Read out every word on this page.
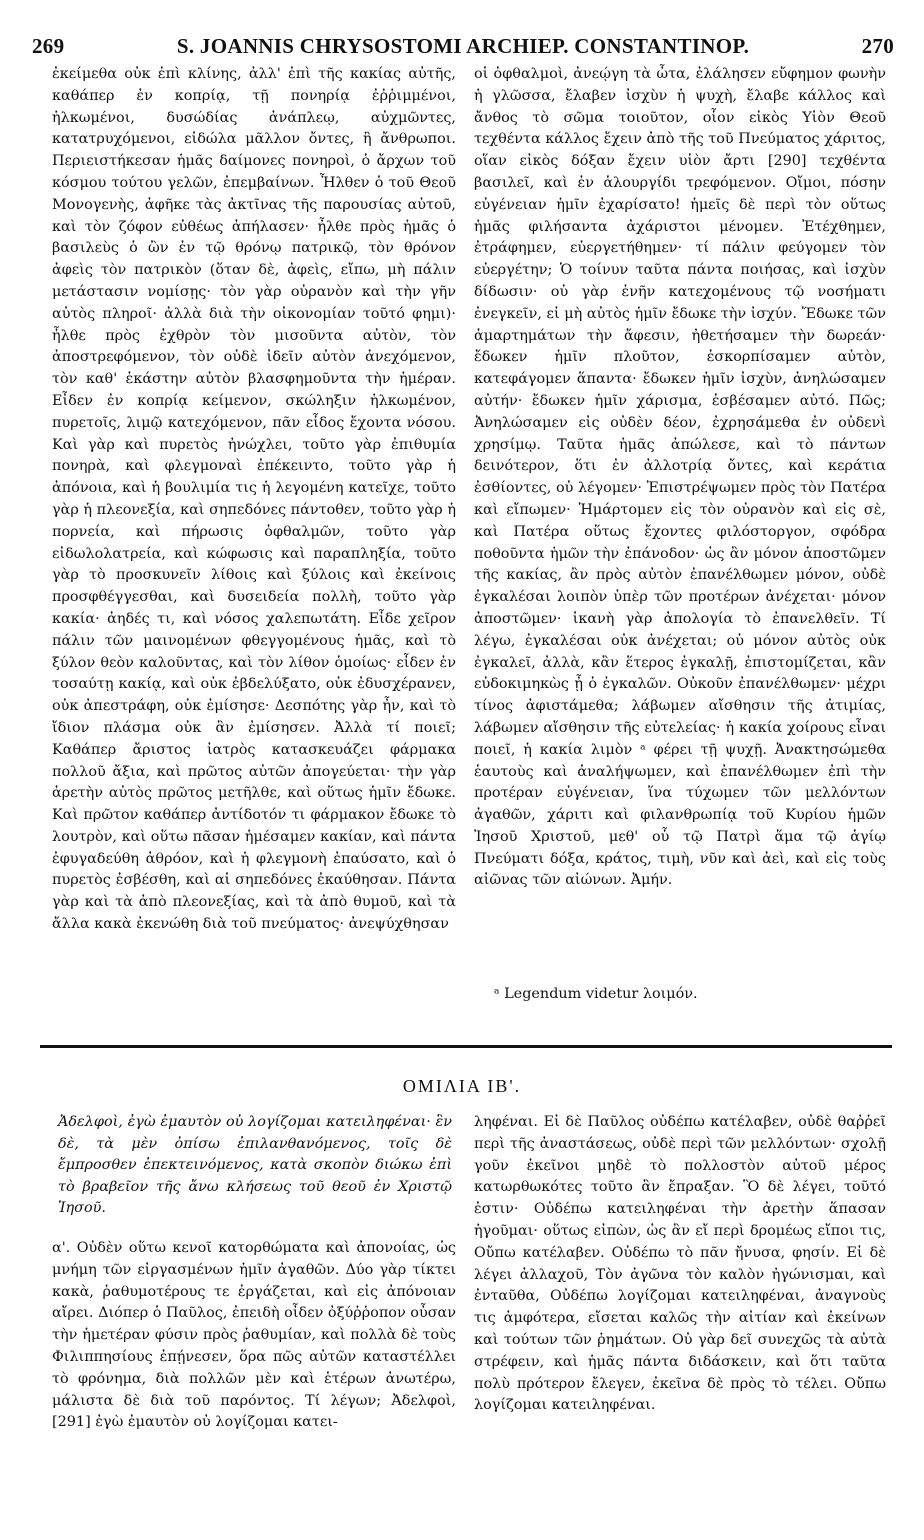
269	S. JOANNIS CHRYSOSTOMI ARCHIEP. CONSTANTINOP.	270

ἐκείμεθα οὐκ ἐπὶ κλίνης, ἀλλ' ἐπὶ τῆς κακίας αὐτῆς, καθάπερ ἐν κοπρίᾳ, τῇ πονηρίᾳ ἐῤῥιμμένοι, ἡλκωμένοι, δυσώδίας ἀνάπλεῳ, αὐχμῶντες, κατατρυχόμενοι, εἰδώλα μᾶλλον ὄντες, ἢ ἄνθρωποι. Περιειστήκεσαν ἡμᾶς δαίμονες πονηροὶ, ὁ ἄρχων τοῦ κόσμου τούτου γελῶν, ἐπεμβαίνων. Ἦλθεν ὁ τοῦ Θεοῦ Μονογενὴς, ἀφῆκε τὰς ἀκτῖνας τῆς παρουσίας αὐτοῦ, καὶ τὸν ζόφον εὐθέως ἀπήλασεν· ἦλθε πρὸς ἡμᾶς ὁ βασιλεὺς ὁ ὢν ἐν τῷ θρόνῳ πατρικῷ, τὸν θρόνον ἀφεὶς τὸν πατρικὸν (ὅταν δὲ, ἀφεὶς, εἴπω, μὴ πάλιν μετάστασιν νομίσῃς· τὸν γὰρ οὐρανὸν καὶ τὴν γῆν αὐτὸς πληροῖ· ἀλλὰ διὰ τὴν οἰκονομίαν τοῦτό φημι)· ἦλθε πρὸς ἐχθρὸν τὸν μισοῦντα αὐτὸν, τὸν ἀποστρεφόμενον, τὸν οὐδὲ ἰδεῖν αὐτὸν ἀνεχόμενον, τὸν καθ' ἑκάστην αὐτὸν βλασφημοῦντα τὴν ἡμέραν. Εἶδεν ἐν κοπρίᾳ κείμενον, σκώληξιν ἡλκωμένον, πυρετοῖς, λιμῷ κατεχόμενον, πᾶν εἶδος ἔχοντα νόσου. Καὶ γὰρ καὶ πυρετὸς ἠνώχλει, τοῦτο γὰρ ἐπιθυμία πονηρὰ, καὶ φλεγμοναὶ ἐπέκειντο, τοῦτο γὰρ ἡ ἀπόνοια, καὶ ἡ βουλιμία τις ἡ λεγομένη κατεῖχε, τοῦτο γὰρ ἡ πλεονεξία, καὶ σηπεδόνες πάντοθεν, τοῦτο γὰρ ἡ πορνεία, καὶ πήρωσις ὀφθαλμῶν, τοῦτο γὰρ εἰδωλολατρεία, καὶ κώφωσις καὶ παραπληξία, τοῦτο γὰρ τὸ προσκυνεῖν λίθοις καὶ ξύλοις καὶ ἐκείνοις προσφθέγγεσθαι, καὶ δυσειδεία πολλὴ, τοῦτο γὰρ κακία· ἀηδές τι, καὶ νόσος χαλεπωτάτη. Εἶδε χεῖρον πάλιν τῶν μαινομένων φθεγγομένους ἡμᾶς, καὶ τὸ ξύλον θεὸν καλοῦντας, καὶ τὸν λίθον ὁμοίως· εἶδεν ἐν τοσαύτῃ κακίᾳ, καὶ οὐκ ἐβδελύξατο, οὐκ ἐδυσχέρανεν, οὐκ ἀπεστράφη, οὐκ ἐμίσησε· Δεσπότης γὰρ ἦν, καὶ τὸ ἴδιον πλάσμα οὐκ ἂν ἐμίσησεν. Ἀλλὰ τί ποιεῖ; Καθάπερ ἄριστος ἰατρὸς κατασκευάζει φάρμακα πολλοῦ ἄξια, καὶ πρῶτος αὐτῶν ἀπογεύεται· τὴν γὰρ ἀρετὴν αὐτὸς πρῶτος μετῆλθε, καὶ οὕτως ἡμῖν ἔδωκε. Καὶ πρῶτον καθάπερ ἀντίδοτόν τι φάρμακον ἔδωκε τὸ λουτρὸν, καὶ οὕτω πᾶσαν ἡμέσαμεν κακίαν, καὶ πάντα ἐφυγαδεύθη ἀθρόον, καὶ ἡ φλεγμονὴ ἐπαύσατο, καὶ ὁ πυρετὸς ἐσβέσθη, καὶ αἱ σηπεδόνες ἐκαύθησαν. Πάντα γὰρ καὶ τὰ ἀπὸ πλεονεξίας, καὶ τὰ ἀπὸ θυμοῦ, καὶ τὰ ἄλλα κακὰ ἐκενώθη διὰ τοῦ πνεύματος· ἀνεψύχθησαν

οἱ ὀφθαλμοὶ, ἀνεῴγη τὰ ὦτα, ἐλάλησεν εὔφημον φωνὴν ἡ γλῶσσα, ἔλαβεν ἰσχὺν ἡ ψυχὴ, ἔλαβε κάλλος καὶ ἄνθος τὸ σῶμα τοιοῦτον, οἷον εἰκὸς Υἱὸν Θεοῦ τεχθέντα κάλλος ἔχειν ἀπὸ τῆς τοῦ Πνεύματος χάριτος, οἵαν εἰκὸς δόξαν ἔχειν υἱὸν ἄρτι [290] τεχθέντα βασιλεῖ, καὶ ἐν ἁλουργίδι τρεφόμενον. Οἴμοι, πόσην εὐγένειαν ἡμῖν ἐχαρίσατο! ἡμεῖς δὲ περὶ τὸν οὕτως ἡμᾶς φιλήσαντα ἀχάριστοι μένομεν. Ἐτέχθημεν, ἐτράφημεν, εὐεργετήθημεν· τί πάλιν φεύγομεν τὸν εὐεργέτην; Ὁ τοίνυν ταῦτα πάντα ποιήσας, καὶ ἰσχὺν δίδωσιν· οὐ γὰρ ἐνῆν κατεχομένους τῷ νοσήματι ἐνεγκεῖν, εἰ μὴ αὐτὸς ἡμῖν ἔδωκε τὴν ἰσχύν. Ἔδωκε τῶν ἁμαρτημάτων τὴν ἄφεσιν, ἠθετήσαμεν τὴν δωρεάν· ἔδωκεν ἡμῖν πλοῦτον, ἐσκορπίσαμεν αὐτὸν, κατεφάγομεν ἅπαντα· ἔδωκεν ἡμῖν ἰσχὺν, ἀνηλώσαμεν αὐτήν· ἔδωκεν ἡμῖν χάρισμα, ἐσβέσαμεν αὐτό. Πῶς; Ἀνηλώσαμεν εἰς οὐδὲν δέον, ἐχρησάμεθα ἐν οὐδενὶ χρησίμῳ. Ταῦτα ἡμᾶς ἀπώλεσε, καὶ τὸ πάντων δεινότερον, ὅτι ἐν ἀλλοτρίᾳ ὄντες, καὶ κεράτια ἐσθίοντες, οὐ λέγομεν· Ἐπιστρέψωμεν πρὸς τὸν Πατέρα καὶ εἴπωμεν· Ἡμάρτομεν εἰς τὸν οὐρανὸν καὶ εἰς σὲ, καὶ Πατέρα οὕτως ἔχοντες φιλόστοργον, σφόδρα ποθοῦντα ἡμῶν τὴν ἐπάνοδον· ὡς ἂν μόνον ἀποστῶμεν τῆς κακίας, ἂν πρὸς αὐτὸν ἐπανέλθωμεν μόνον, οὐδὲ ἐγκαλέσαι λοιπὸν ὑπὲρ τῶν προτέρων ἀνέχεται· μόνον ἀποστῶμεν· ἱκανὴ γὰρ ἀπολογία τὸ ἐπανελθεῖν. Τί λέγω, ἐγκαλέσαι οὐκ ἀνέχεται; οὐ μόνον αὐτὸς οὐκ ἐγκαλεῖ, ἀλλὰ, κἂν ἕτερος ἐγκαλῇ, ἐπιστομίζεται, κἂν εὐδοκιμηκὼς ᾖ ὁ ἐγκαλῶν. Οὐκοῦν ἐπανέλθωμεν· μέχρι τίνος ἀφιστάμεθα; λάβωμεν αἴσθησιν τῆς ἀτιμίας, λάβωμεν αἴσθησιν τῆς εὐτελείας· ἡ κακία χοίρους εἶναι ποιεῖ, ἡ κακία λιμὸν ᵃ φέρει τῇ ψυχῇ. Ἀνακτησώμεθα ἑαυτοὺς καὶ ἀναλήψωμεν, καὶ ἐπανέλθωμεν ἐπὶ τὴν προτέραν εὐγένειαν, ἵνα τύχωμεν τῶν μελλόντων ἀγαθῶν, χάριτι καὶ φιλανθρωπίᾳ τοῦ Κυρίου ἡμῶν Ἰησοῦ Χριστοῦ, μεθ' οὗ τῷ Πατρὶ ἅμα τῷ ἁγίῳ Πνεύματι δόξα, κράτος, τιμὴ, νῦν καὶ ἀεὶ, καὶ εἰς τοὺς αἰῶνας τῶν αἰώνων. Ἀμήν.

ᵃ Legendum videtur λοιμόν.
ΟΜΙΛΙΑ ΙΒ'.
Ἀδελφοὶ, ἐγὼ ἐμαυτὸν οὐ λογίζομαι κατειληφέναι· ἓν δὲ, τὰ μὲν ὀπίσω ἐπιλανθανόμενος, τοῖς δὲ ἔμπροσθεν ἐπεκτεινόμενος, κατὰ σκοπὸν διώκω ἐπὶ τὸ βραβεῖον τῆς ἄνω κλήσεως τοῦ θεοῦ ἐν Χριστῷ Ἰησοῦ.
α'. Οὐδὲν οὕτω κενοῖ κατορθώματα καὶ ἀπονοίας, ὡς μνήμη τῶν εἰργασμένων ἡμῖν ἀγαθῶν. Δύο γὰρ τίκτει κακὰ, ῥαθυμοτέρους τε ἐργάζεται, καὶ εἰς ἀπόνοιαν αἴρει. Διόπερ ὁ Παῦλος, ἐπειδὴ οἶδεν ὀξύῤῥοπον οὖσαν τὴν ἡμετέραν φύσιν πρὸς ῥαθυμίαν, καὶ πολλὰ δὲ τοὺς Φιλιππησίους ἐπῄνεσεν, ὅρα πῶς αὐτῶν καταστέλλει τὸ φρόνημα, διὰ πολλῶν μὲν καὶ ἑτέρων ἀνωτέρω, μάλιστα δὲ διὰ τοῦ παρόντος. Τί λέγων; Ἀδελφοὶ, [291] ἐγὼ ἐμαυτὸν οὐ λογίζομαι κατει-
ληφέναι. Εἰ δὲ Παῦλος οὐδέπω κατέλαβεν, οὐδὲ θαῤῥεῖ περὶ τῆς ἀναστάσεως, οὐδὲ περὶ τῶν μελλόντων· σχολῇ γοῦν ἐκεῖνοι μηδὲ τὸ πολλοστὸν αὐτοῦ μέρος κατωρθωκότες τοῦτο ἂν ἔπραξαν. Ὃ δὲ λέγει, τοῦτό ἐστιν· Οὐδέπω κατειληφέναι τὴν ἀρετὴν ἅπασαν ἡγοῦμαι· οὕτως εἰπὼν, ὡς ἂν εἴ περὶ δρομέως εἴποι τις, Οὔπω κατέλαβεν. Οὐδέπω τὸ πᾶν ἤνυσα, φησίν. Εἰ δὲ λέγει ἀλλαχοῦ, Τὸν ἀγῶνα τὸν καλὸν ἠγώνισμαι, καὶ ἐνταῦθα, Οὐδέπω λογίζομαι κατειληφέναι, ἀναγνοὺς τις ἀμφότερα, εἴσεται καλῶς τὴν αἰτίαν καὶ ἐκείνων καὶ τούτων τῶν ῥημάτων. Οὐ γὰρ δεῖ συνεχῶς τὰ αὐτὰ στρέφειν, καὶ ἡμᾶς πάντα διδάσκειν, καὶ ὅτι ταῦτα πολὺ πρότερον ἔλεγεν, ἐκεῖνα δὲ πρὸς τὸ τέλει. Οὔπω λογίζομαι κατειληφέναι.
